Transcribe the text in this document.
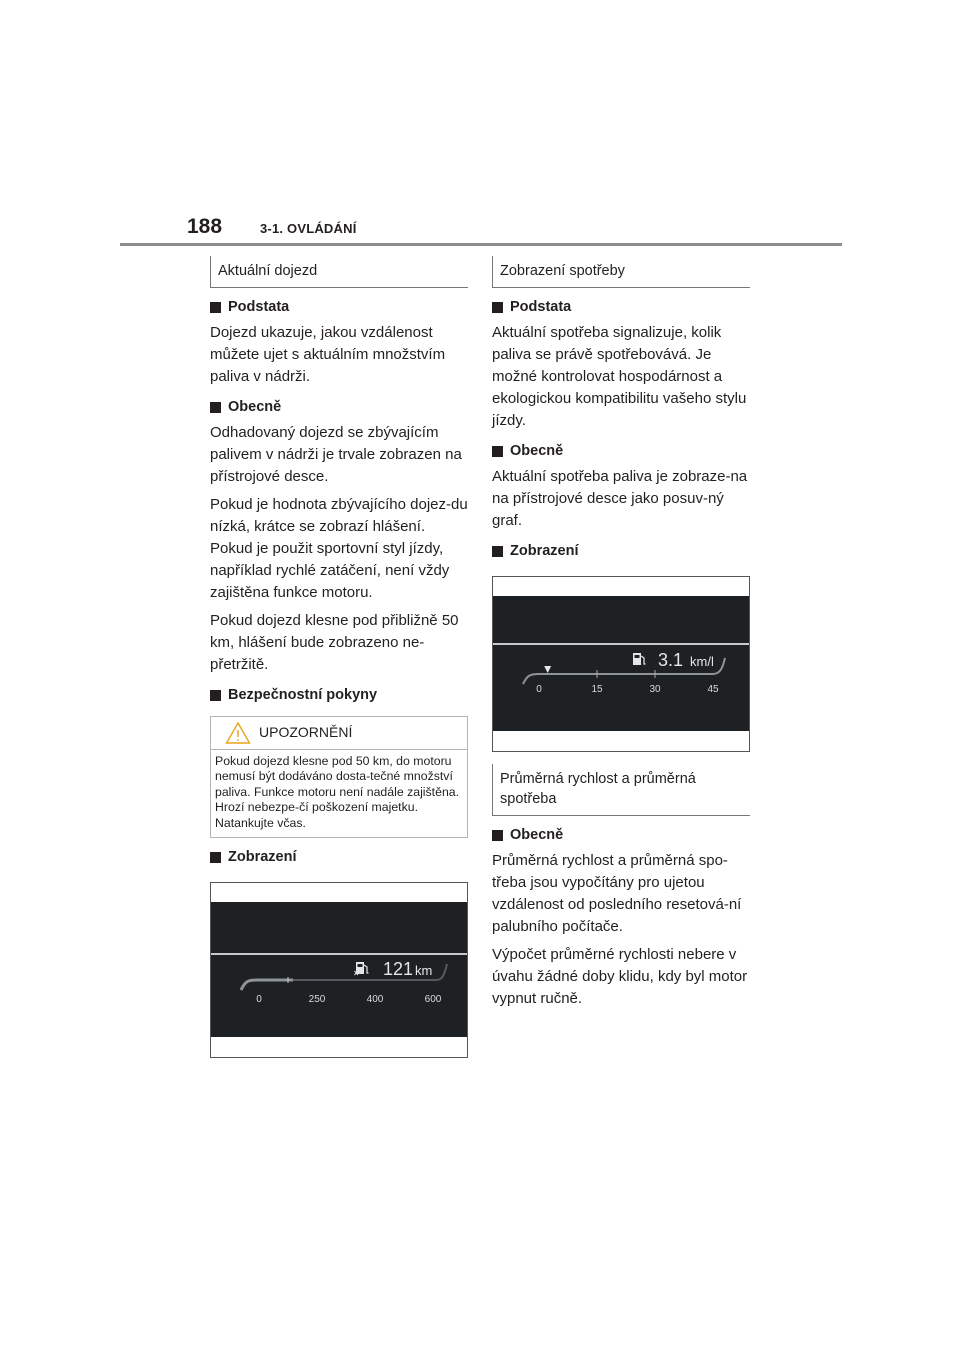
188	3-1. OVLÁDÁNÍ
Aktuální dojezd
Podstata

Dojezd ukazuje, jakou vzdálenost můžete ujet s aktuálním množstvím paliva v nádrži.

Obecně

Odhadovaný dojezd se zbývajícím palivem v nádrži je trvale zobrazen na přístrojové desce.

Pokud je hodnota zbývajícího dojez-du nízká, krátce se zobrazí hlášení. Pokud je použit sportovní styl jízdy, například rychlé zatáčení, není vždy zajištěna funkce motoru.

Pokud dojezd klesne pod přibližně 50 km, hlášení bude zobrazeno ne-přetržitě.

Bezpečnostní pokyny
UPOZORNĚNÍ
Pokud dojezd klesne pod 50 km, do motoru nemusí být dodáváno dosta-tečné množství paliva. Funkce motoru není nadále zajištěna. Hrozí nebezpe-čí poškození majetku. Natankujte včas.
Zobrazení
121 km
0	250	400	600
Zobrazení spotřeby
Podstata

Aktuální spotřeba signalizuje, kolik paliva se právě spotřebovává. Je možné kontrolovat hospodárnost a ekologickou kompatibilitu vašeho stylu jízdy.

Obecně

Aktuální spotřeba paliva je zobraze-na na přístrojové desce jako posuv-ný graf.

Zobrazení
3.1 km/l
0	15	30	45
Průměrná rychlost a průměrná spotřeba
Obecně

Průměrná rychlost a průměrná spo-třeba jsou vypočítány pro ujetou vzdálenost od posledního resetová-ní palubního počítače.

Výpočet průměrné rychlosti nebere v úvahu žádné doby klidu, kdy byl motor vypnut ručně.
